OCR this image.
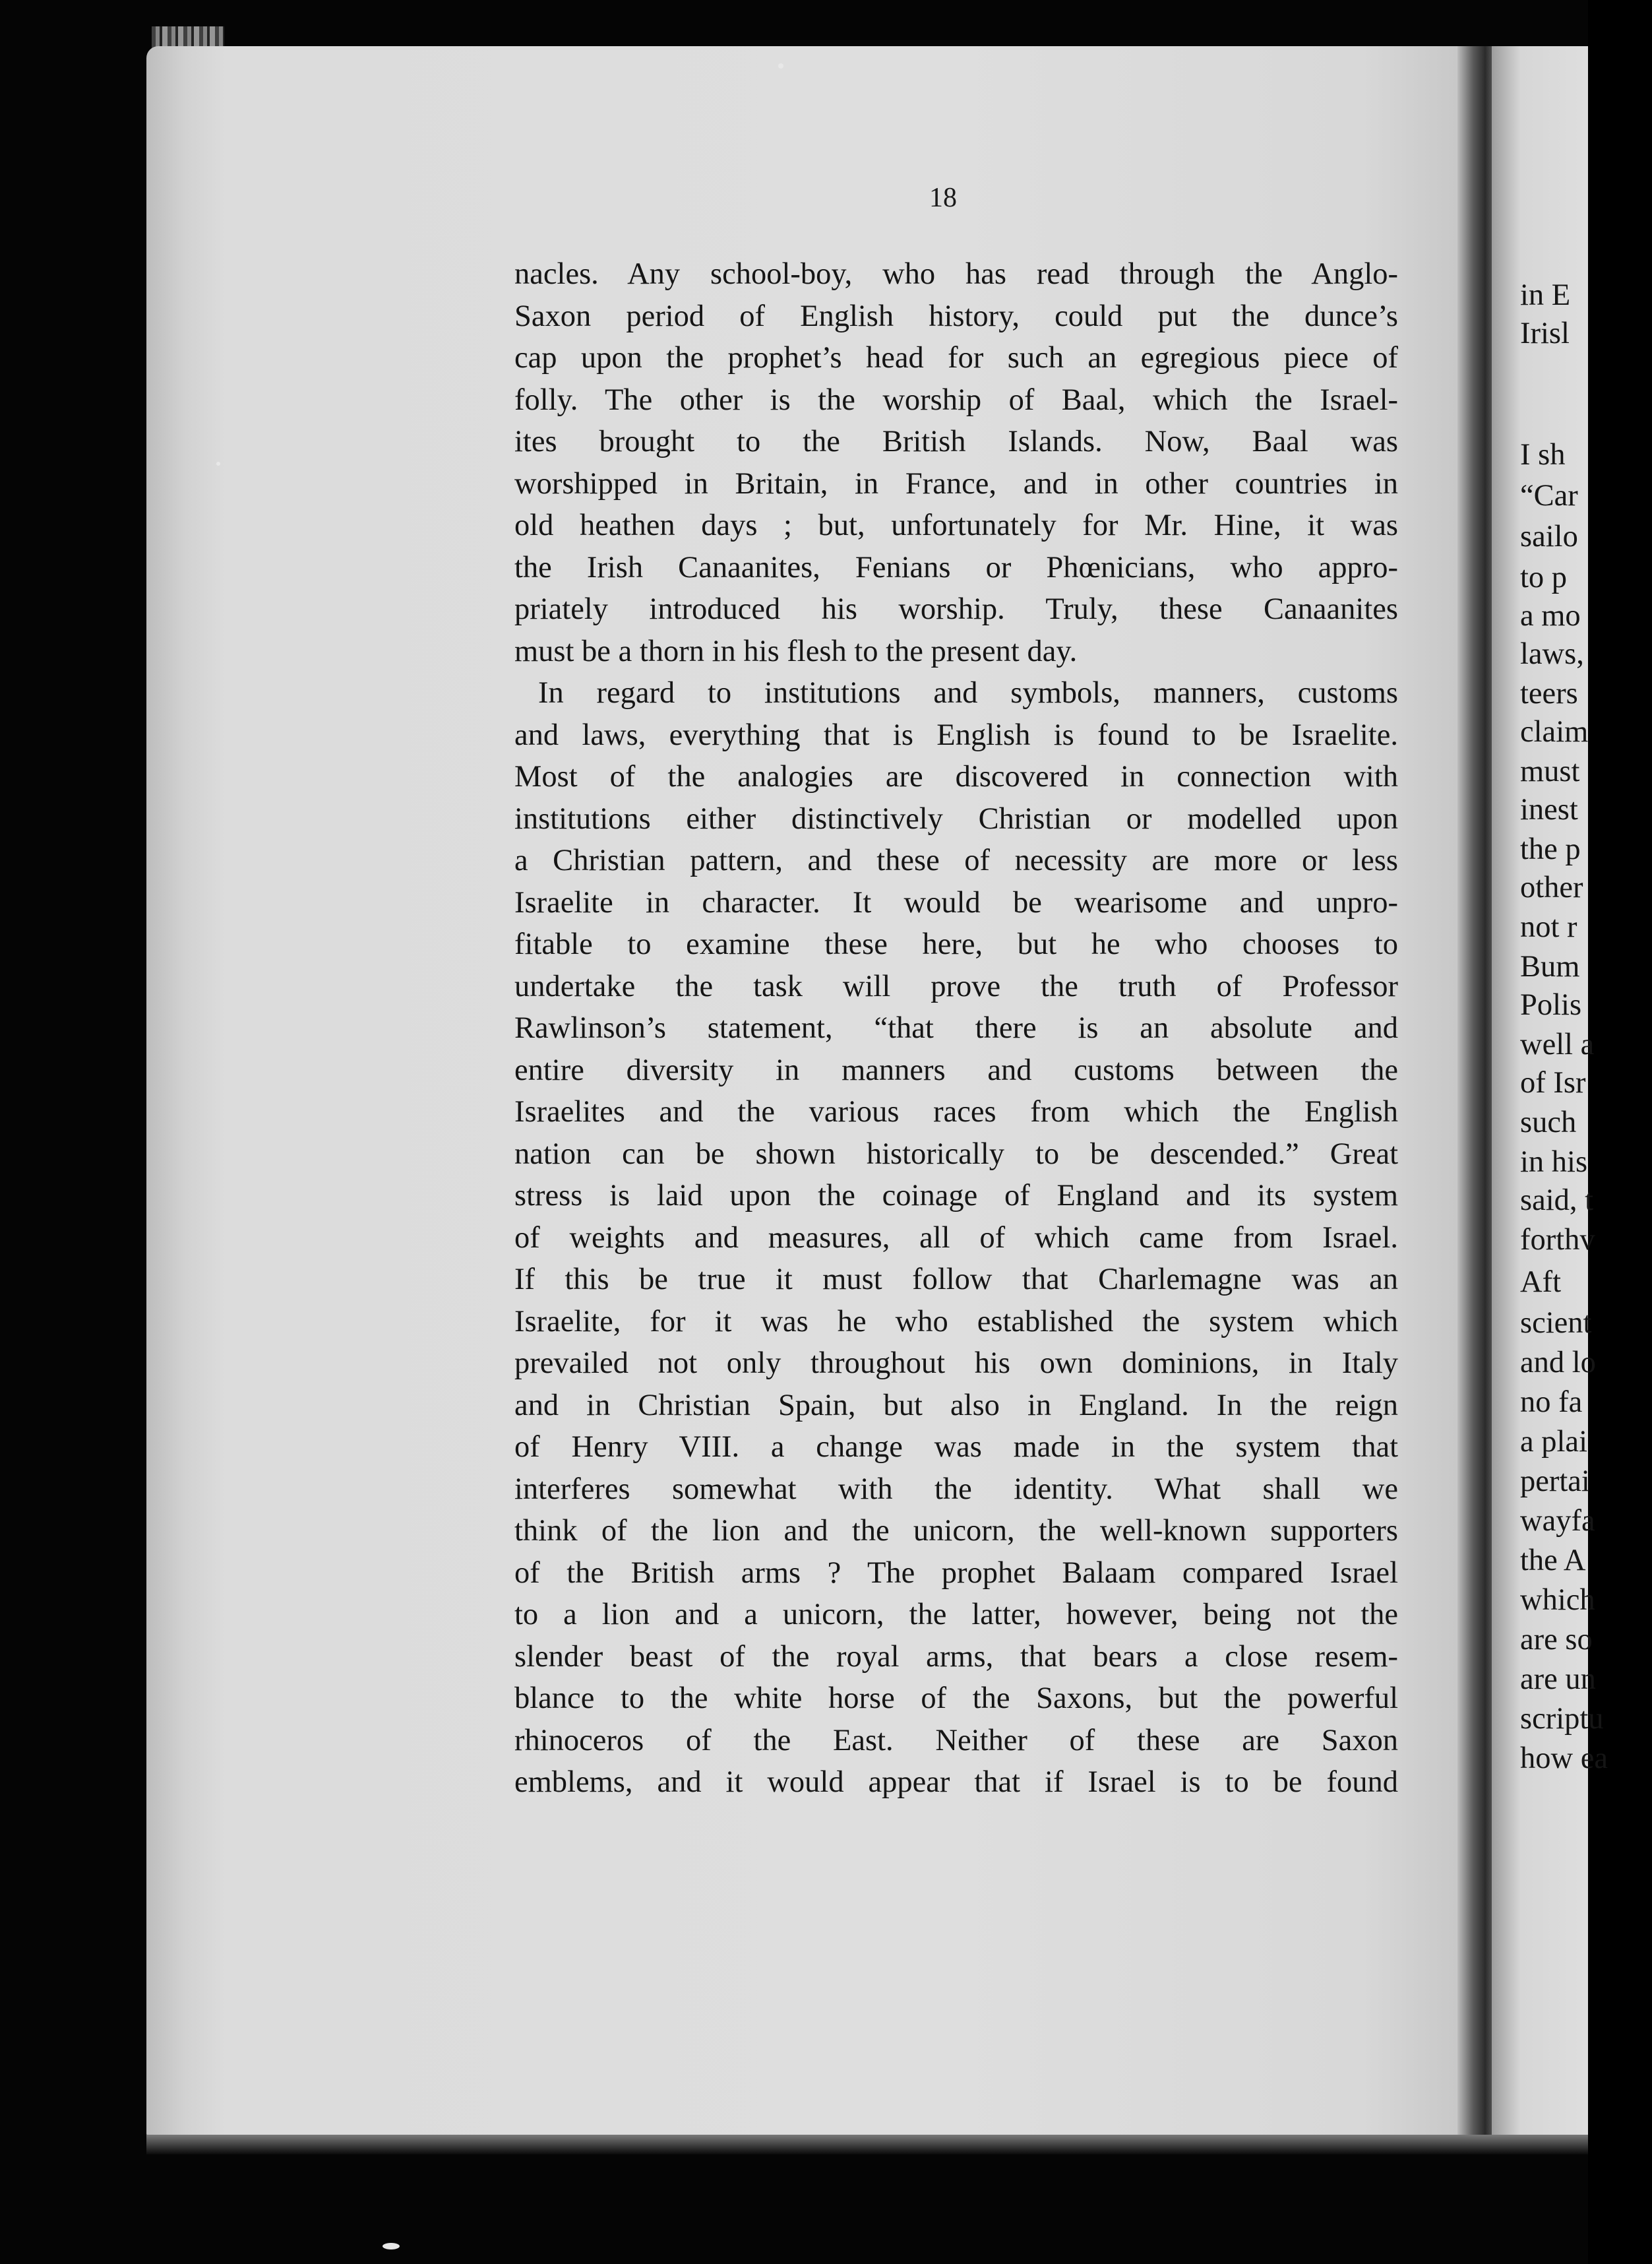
18
nacles. Any school-boy, who has read through the Anglo-
Saxon period of English history, could put the dunce’s
cap upon the prophet’s head for such an egregious piece of
folly. The other is the worship of Baal, which the Israel-
ites brought to the British Islands. Now, Baal was
worshipped in Britain, in France, and in other countries in
old heathen days ; but, unfortunately for Mr. Hine, it was
the Irish Canaanites, Fenians or Phœnicians, who appro-
priately introduced his worship. Truly, these Canaanites
must be a thorn in his flesh to the present day.
In regard to institutions and symbols, manners, customs
and laws, everything that is English is found to be Israelite.
Most of the analogies are discovered in connection with
institutions either distinctively Christian or modelled upon
a Christian pattern, and these of necessity are more or less
Israelite in character. It would be wearisome and unpro-
fitable to examine these here, but he who chooses to
undertake the task will prove the truth of Professor
Rawlinson’s statement, “that there is an absolute and
entire diversity in manners and customs between the
Israelites and the various races from which the English
nation can be shown historically to be descended.” Great
stress is laid upon the coinage of England and its system
of weights and measures, all of which came from Israel.
If this be true it must follow that Charlemagne was an
Israelite, for it was he who established the system which
prevailed not only throughout his own dominions, in Italy
and in Christian Spain, but also in England. In the reign
of Henry VIII. a change was made in the system that
interferes somewhat with the identity. What shall we
think of the lion and the unicorn, the well-known supporters
of the British arms ? The prophet Balaam compared Israel
to a lion and a unicorn, the latter, however, being not the
slender beast of the royal arms, that bears a close resem-
blance to the white horse of the Saxons, but the powerful
rhinoceros of the East. Neither of these are Saxon
emblems, and it would appear that if Israel is to be found
in E
Irisl
I sh
“Car
sailo
to p
a mo
laws,
teers
claim
must
inest
the p
other
not r
Bum
Polis
well a
of Isr
such
in his
said, t
forthv
Aft
scient
and lo
no fa
a plai
pertai
wayfa
the A
which
are so
are un
scriptu
how ea
